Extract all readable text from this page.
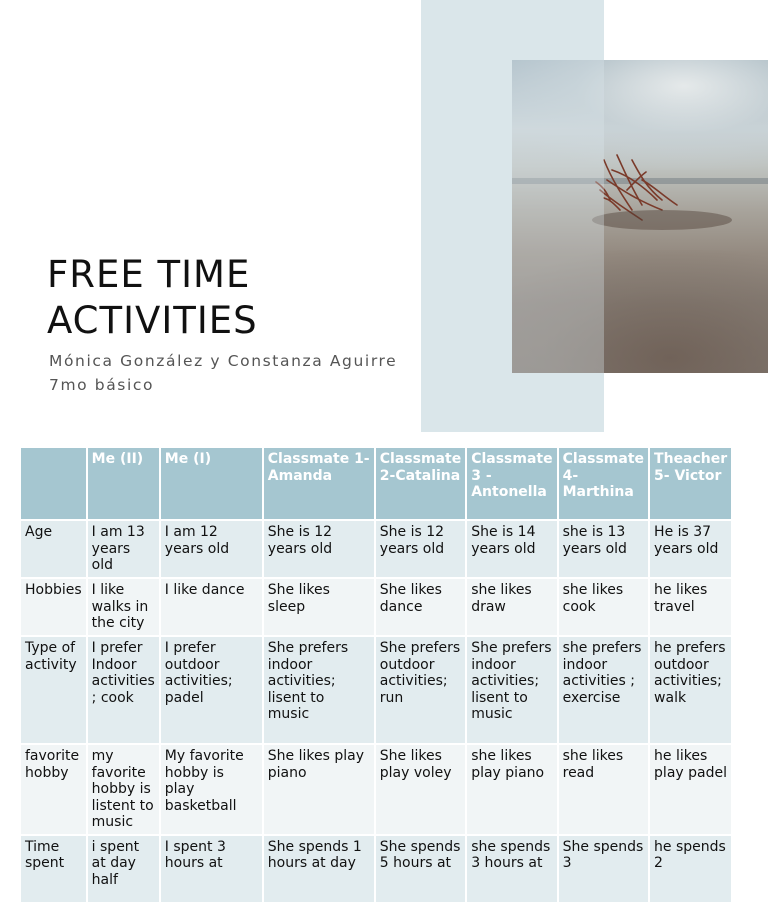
FREE TIME
ACTIVITIES
Mónica González y Constanza Aguirre
7mo básico
	Me (II)	Me (I)	Classmate 1- Amanda	Classmate 2-Catalina	Classmate 3 - Antonella	Classmate 4- Marthina	Theacher 5- Victor
Age	I am 13 years old	I am 12 years old	She is 12 years old	She is 12 years old	She is 14 years old	she is 13 years old	He is 37 years old
Hobbies	I like walks in the city	I like dance	She likes sleep	She likes dance	she likes draw	she likes cook	he likes travel
Type of activity	I prefer Indoor activities ; cook	I prefer outdoor activities; padel	She prefers indoor activities; lisent to music	She prefers outdoor activities; run	She prefers indoor activities; lisent to music	she prefers indoor activities ; exercise	he prefers outdoor activities; walk
favorite hobby	my favorite hobby is listent to music	My favorite hobby is play basketball	She likes play piano	She likes play voley	she likes play piano	she likes read	he likes play padel
Time spent	i spent at day half	I spent 3 hours at	She spends 1 hours at day	She spends 5 hours at	she spends 3 hours at	She spends 3	he spends 2
